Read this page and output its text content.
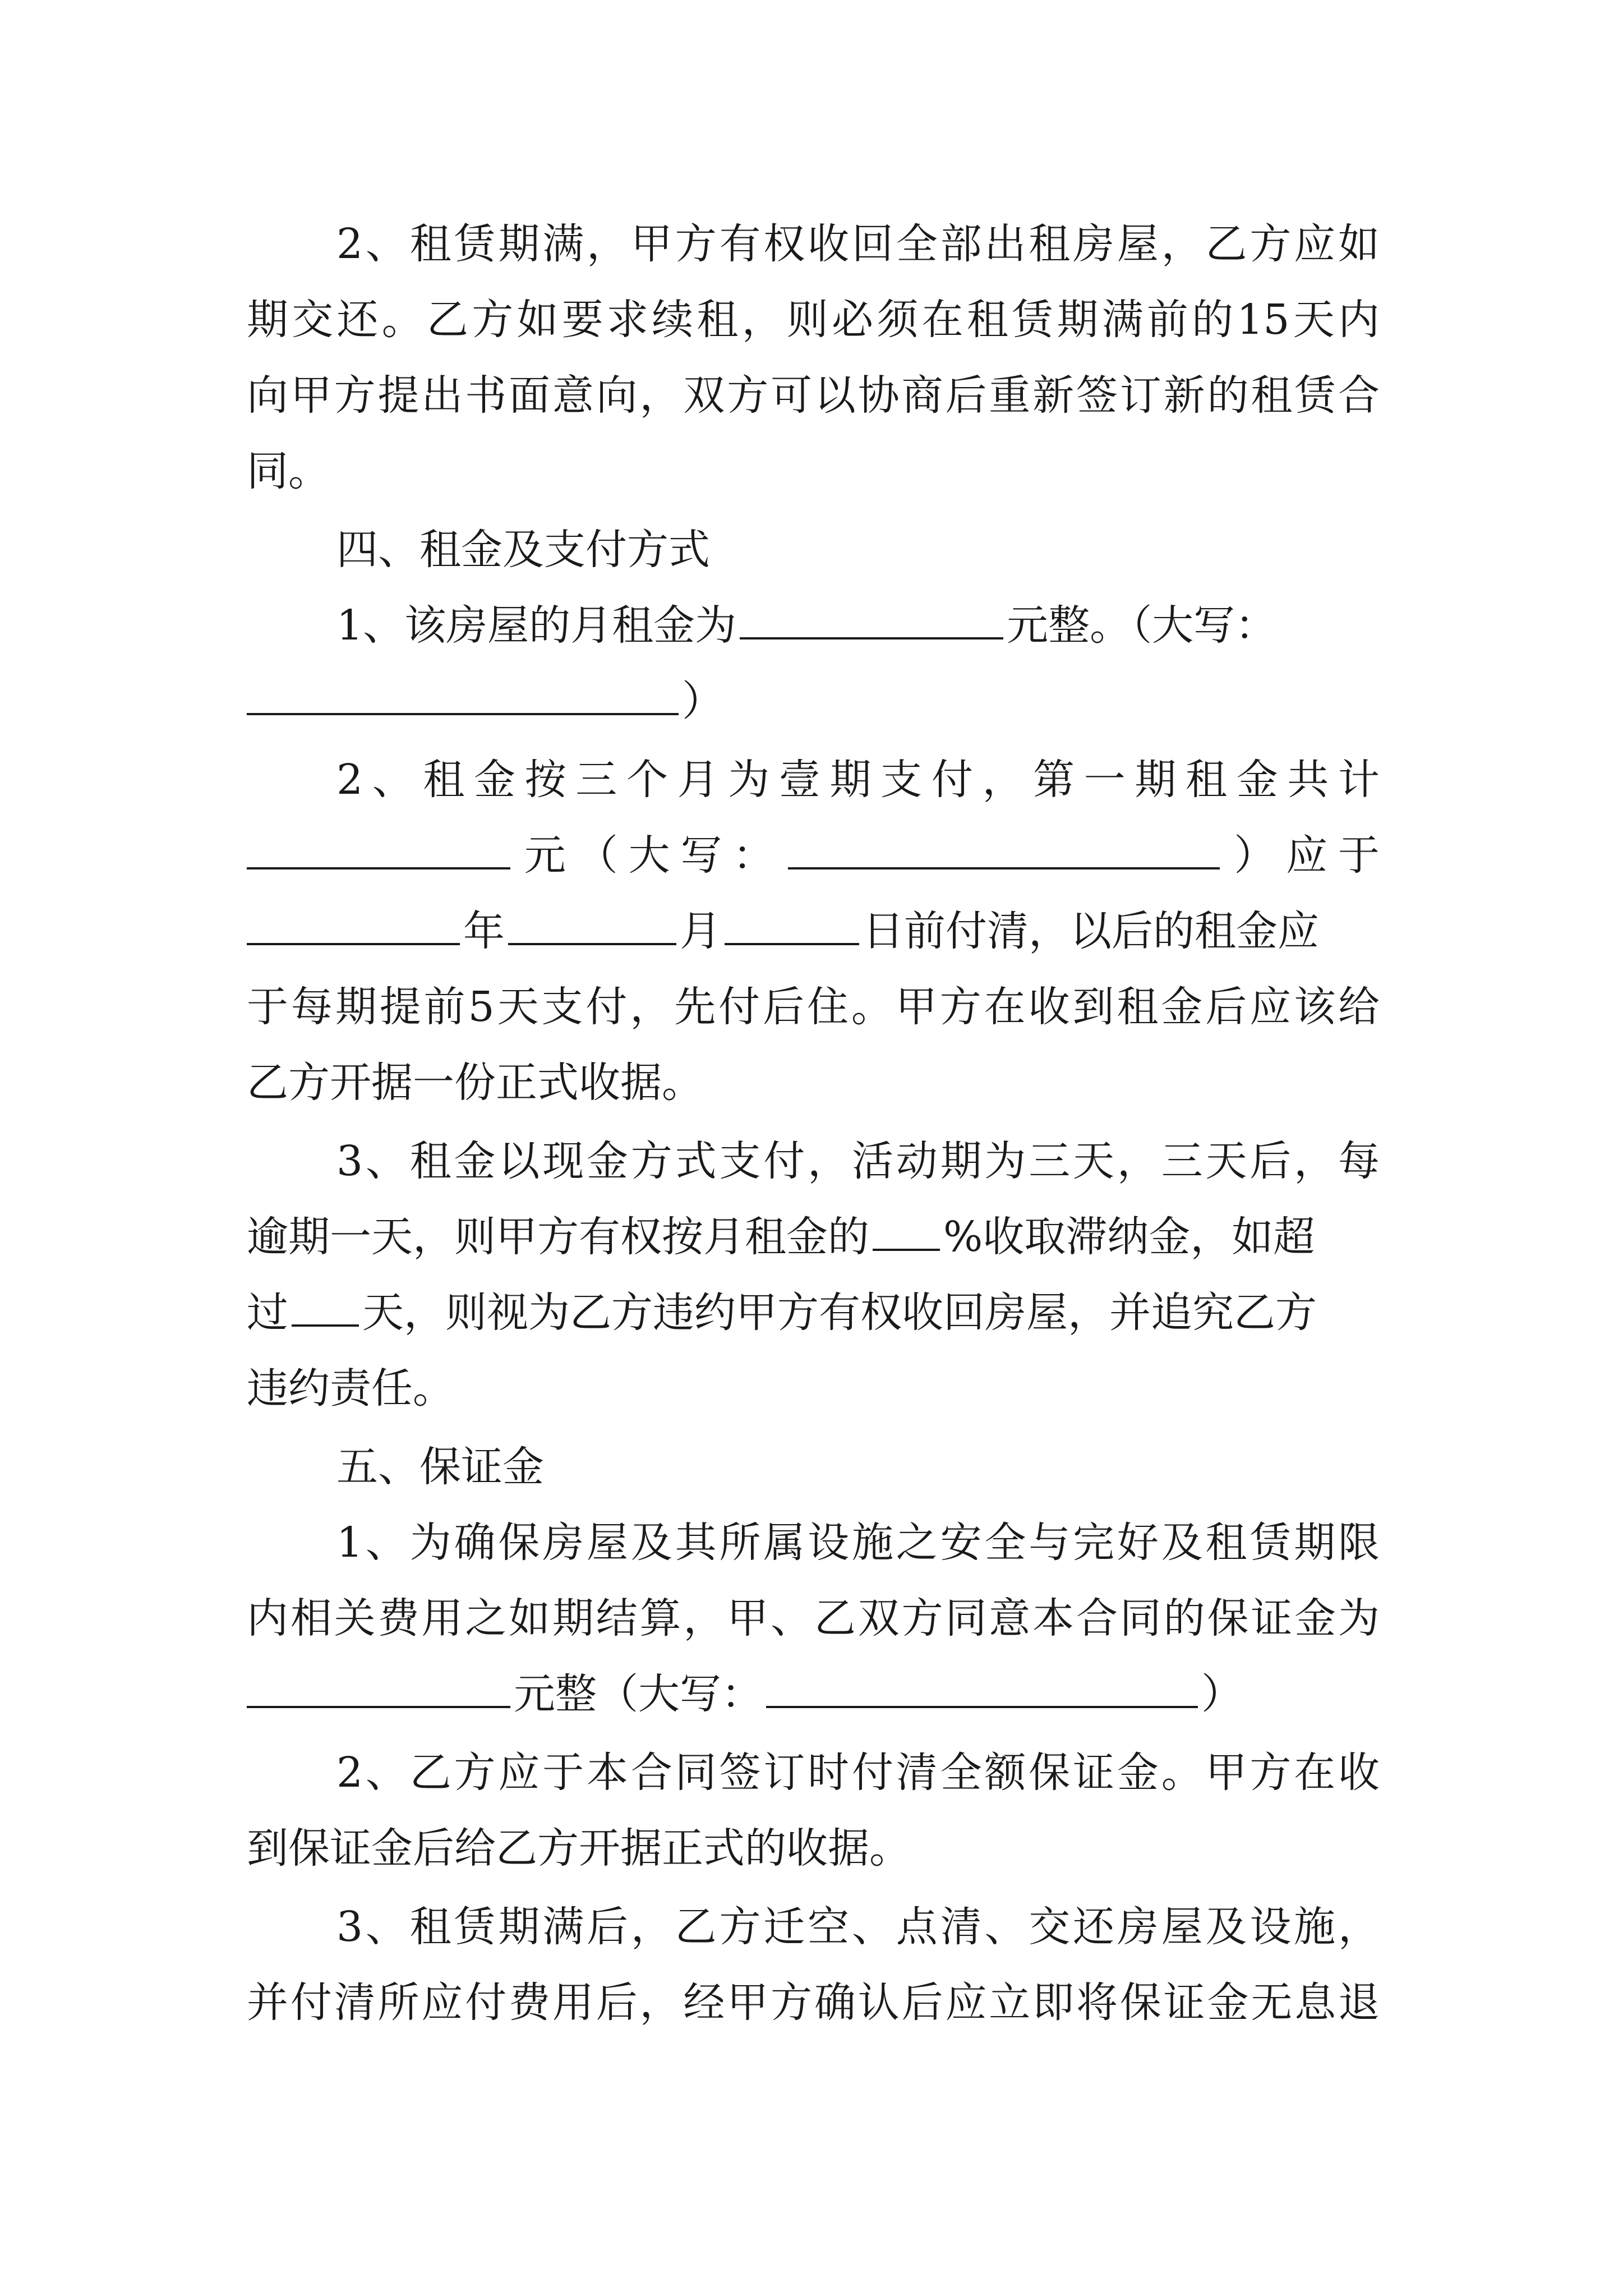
2、租赁期满，甲方有权收回全部出租房屋，乙方应如
期交还。乙方如要求续租，则必须在租赁期满前的15天内
向甲方提出书面意向，双方可以协商后重新签订新的租赁合
同。
四、租金及支付方式
1、该房屋的月租金为	元整。（大写：
）
2、租金按三个月为壹期支付，第一期租金共计
元（大写：	）应于
年	月	日前付清，以后的租金应
于每期提前5天支付，先付后住。甲方在收到租金后应该给
乙方开据一份正式收据。
3、租金以现金方式支付，活动期为三天，三天后，每
逾期一天，则甲方有权按月租金的 %收取滞纳金，如超
过 天，则视为乙方违约甲方有权收回房屋，并追究乙方
违约责任。
五、保证金
1、为确保房屋及其所属设施之安全与完好及租赁期限
内相关费用之如期结算，甲、乙双方同意本合同的保证金为
元整（大写：	）
2、乙方应于本合同签订时付清全额保证金。甲方在收
到保证金后给乙方开据正式的收据。
3、租赁期满后，乙方迁空、点清、交还房屋及设施，
并付清所应付费用后，经甲方确认后应立即将保证金无息退
